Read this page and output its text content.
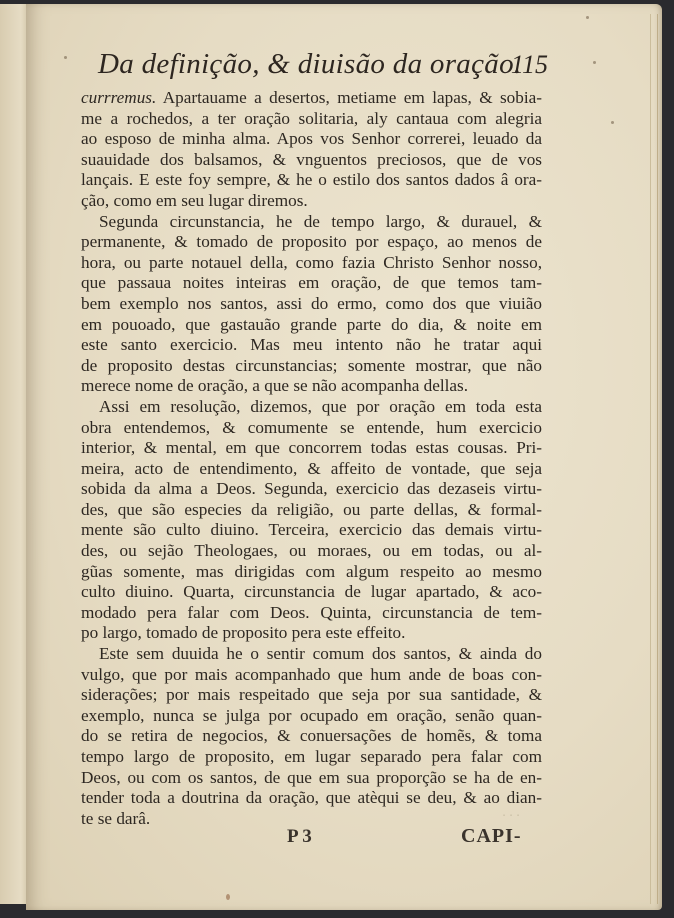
Da definição, & diuisão da oração.
115
currremus. Apartauame a desertos, metiame em lapas, & sobia-
me a rochedos, a ter oração solitaria, aly cantaua com alegria
ao esposo de minha alma. Apos vos Senhor correrei, leuado da
suauidade dos balsamos, & vnguentos preciosos, que de vos
lançais. E este foy sempre, & he o estilo dos santos dados â ora-
ção, como em seu lugar diremos.
Segunda circunstancia, he de tempo largo, & durauel, &
permanente, & tomado de proposito por espaço, ao menos de
hora, ou parte notauel della, como fazia Christo Senhor nosso,
que passaua noites inteiras em oração, de que temos tam-
bem exemplo nos santos, assi do ermo, como dos que viuião
em pouoado, que gastauão grande parte do dia, & noite em
este santo exercicio. Mas meu intento não he tratar aqui
de proposito destas circunstancias; somente mostrar, que não
merece nome de oração, a que se não acompanha dellas.
Assi em resolução, dizemos, que por oração em toda esta
obra entendemos, & comumente se entende, hum exercicio
interior, & mental, em que concorrem todas estas cousas. Pri-
meira, acto de entendimento, & affeito de vontade, que seja
sobida da alma a Deos. Segunda, exercicio das dezaseis virtu-
des, que são especies da religião, ou parte dellas, & formal-
mente são culto diuino. Terceira, exercicio das demais virtu-
des, ou sejão Theologaes, ou moraes, ou em todas, ou al-
gũas somente, mas dirigidas com algum respeito ao mesmo
culto diuino. Quarta, circunstancia de lugar apartado, & aco-
modado pera falar com Deos. Quinta, circunstancia de tem-
po largo, tomado de proposito pera este effeito.
Este sem duuida he o sentir comum dos santos, & ainda do
vulgo, que por mais acompanhado que hum ande de boas con-
siderações; por mais respeitado que seja por sua santidade, &
exemplo, nunca se julga por ocupado em oração, senão quan-
do se retira de negocios, & conuersações de homẽs, & toma
tempo largo de proposito, em lugar separado pera falar com
Deos, ou com os santos, de que em sua proporção se ha de en-
tender toda a doutrina da oração, que atèqui se deu, & ao dian-
te se darâ.	· · ·
P 3	CAPI-
